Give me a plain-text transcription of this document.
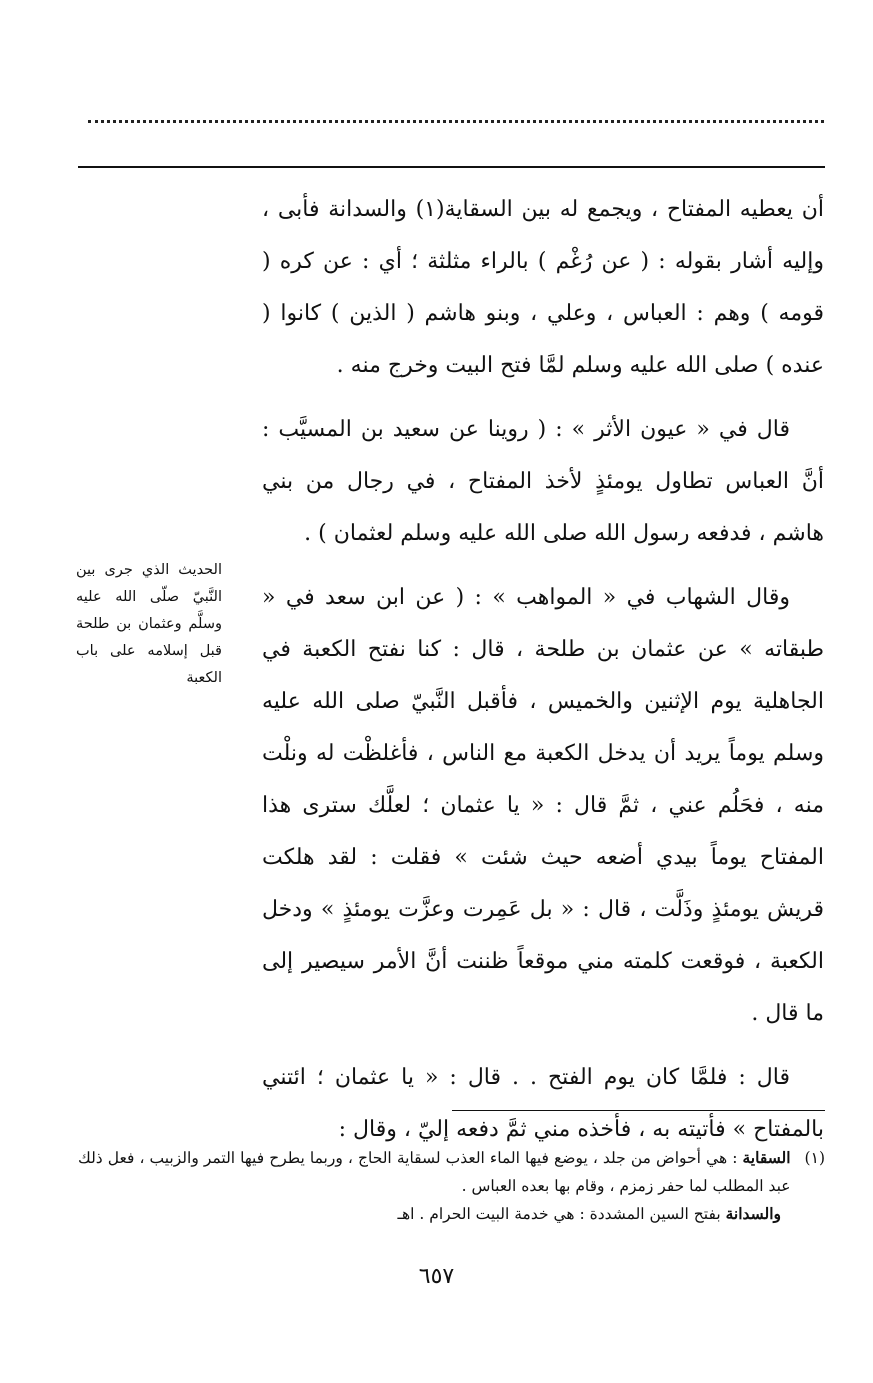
أن يعطيه المفتاح ، ويجمع له بين السقاية(١) والسدانة فأبى ، وإليه أشار بقوله : ( عن رُغْم ) بالراء مثلثة ؛ أي : عن كره ( قومه ) وهم : العباس ، وعلي ، وبنو هاشم ( الذين ) كانوا ( عنده ) صلى الله عليه وسلم لمَّا فتح البيت وخرج منه .

قال في « عيون الأثر » : ( روينا عن سعيد بن المسيَّب : أنَّ العباس تطاول يومئذٍ لأخذ المفتاح ، في رجال من بني هاشم ، فدفعه رسول الله صلى الله عليه وسلم لعثمان ) .

وقال الشهاب في « المواهب » : ( عن ابن سعد في « طبقاته » عن عثمان بن طلحة ، قال : كنا نفتح الكعبة في الجاهلية يوم الإثنين والخميس ، فأقبل النَّبيّ صلى الله عليه وسلم يوماً يريد أن يدخل الكعبة مع الناس ، فأغلظْت له ونلْت منه ، فحَلُم عني ، ثمَّ قال : « يا عثمان ؛ لعلَّك سترى هذا المفتاح يوماً بيدي أضعه حيث شئت » فقلت : لقد هلكت قريش يومئذٍ وذَلَّت ، قال : « بل عَمِرت وعزَّت يومئذٍ » ودخل الكعبة ، فوقعت كلمته مني موقعاً ظننت أنَّ الأمر سيصير إلى ما قال .

قال : فلمَّا كان يوم الفتح . . قال : « يا عثمان ؛ ائتني بالمفتاح » فأتيته به ، فأخذه مني ثمَّ دفعه إليّ ، وقال :

الحديث الذي جرى بين النَّبيّ صلّى الله عليه وسلَّم وعثمان بن طلحة قبل إسلامه على باب الكعبة
(١)
السقاية : هي أحواض من جلد ، يوضع فيها الماء العذب لسقاية الحاج ، وربما يطرح فيها التمر والزبيب ، فعل ذلك عبد المطلب لما حفر زمزم ، وقام بها بعده العباس .
والسدانة بفتح السين المشددة : هي خدمة البيت الحرام . اهـ
٦٥٧
